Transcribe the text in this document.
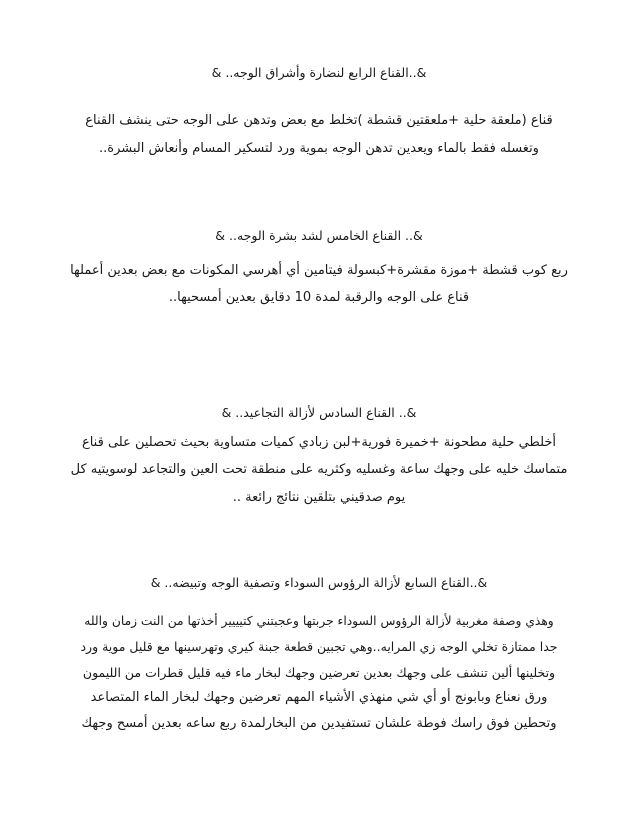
&..القناع الرابع لنضارة وأشراق الوجه.. &
قناع (ملعقة حلية +ملعقتين قشطة )تخلط مع بعض وتدهن على الوجه حتى ينشف القناع
وتغسله فقط بالماء ويعدين تدهن الوجه بموية ورد لتسكير المسام وأنعاش البشرة..
&.. القناع الخامس لشد بشرة الوجه.. &
ربع كوب قشطة +موزة مقشرة+كبسولة فيتامين أي أهرسي المكونات مع بعض بعدين أعملها
قناع على الوجه والرقبة لمدة 10 دقايق بعدين أمسحيها..
&.. القناع السادس لأزالة التجاعيد.. &
أخلطي حلية مطحونة +خميرة فورية+لبن زبادي كميات متساوية بحيث تحصلين على قناع
متماسك خليه على وجهك ساعة وغسليه وكثريه على منطقة تحت العين والتجاعد لوسويتيه كل
يوم صدقيني بتلقين نتائج رائعة ..
&..القناع السابع لأزالة الرؤوس السوداء وتصفية الوجه وتبيضه.. &
وهذي وصفة مغربية لأزالة الرؤوس السوداء جربتها وعجبتني كتيييير أخذتها من النت زمان والله
جدا ممتازة تخلي الوجه زي المرايه..وهي تجبين قطعة جبنة كيري وتهرسينها مع قليل موية ورد
وتخلينها ألين تنشف على وجهك بعدين تعرضين وجهك لبخار ماء فيه قليل قطرات من الليمون
ورق نعناع وبابونج أو أي شي منهذي الأشياء المهم تعرضين وجهك لبخار الماء المتصاعد
وتحطين فوق راسك فوطة علشان تستفيدين من البخارلمدة ربع ساعه بعدين أمسح وجهك
